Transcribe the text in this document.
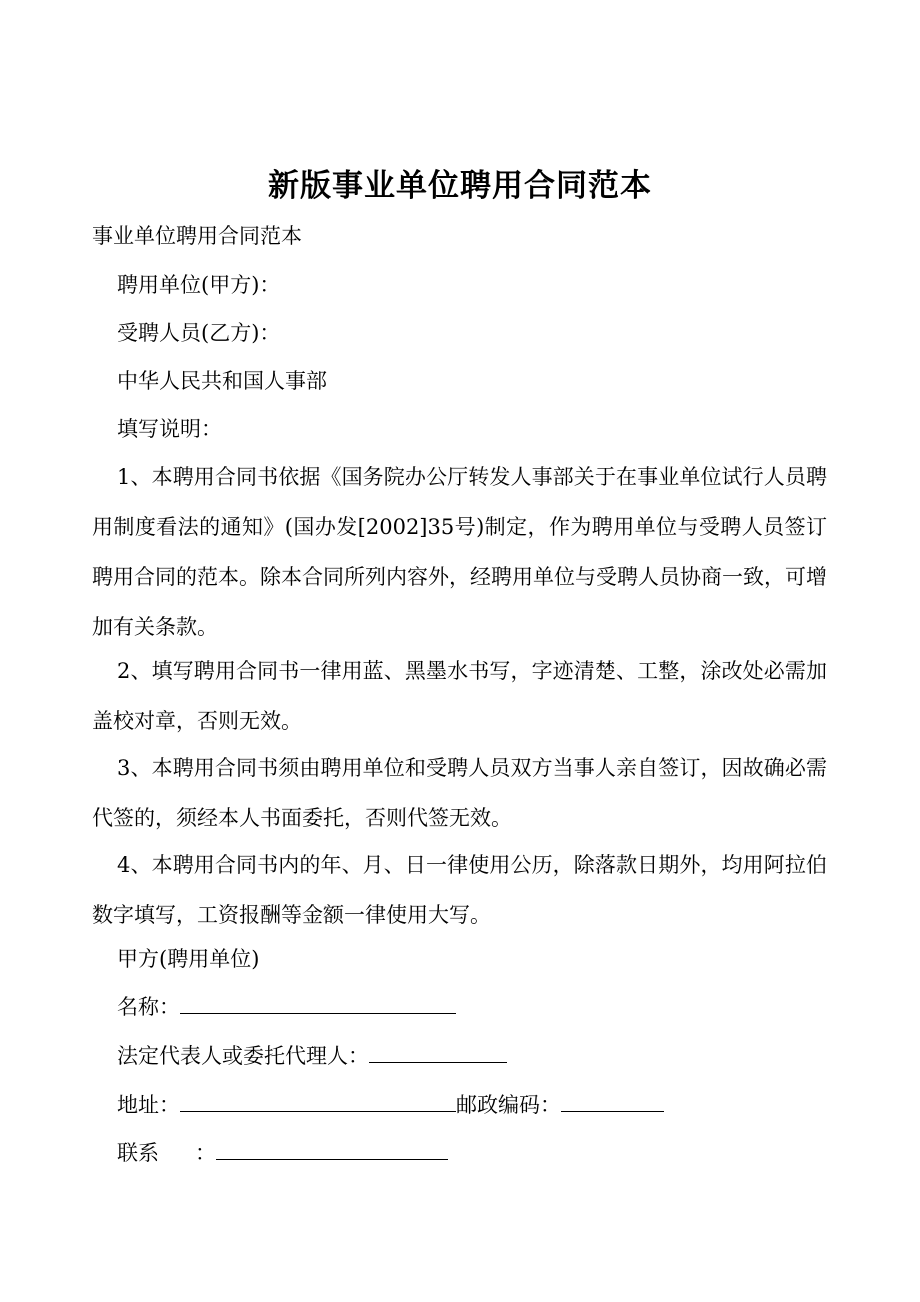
新版事业单位聘用合同范本

事业单位聘用合同范本

聘用单位(甲方)：

受聘人员(乙方)：

中华人民共和国人事部

填写说明：

1、本聘用合同书依据《国务院办公厅转发人事部关于在事业单位试行人员聘用制度看法的通知》(国办发[2002]35号)制定，作为聘用单位与受聘人员签订聘用合同的范本。除本合同所列内容外，经聘用单位与受聘人员协商一致，可增加有关条款。

2、填写聘用合同书一律用蓝、黑墨水书写，字迹清楚、工整，涂改处必需加盖校对章，否则无效。

3、本聘用合同书须由聘用单位和受聘人员双方当事人亲自签订，因故确必需代签的，须经本人书面委托，否则代签无效。

4、本聘用合同书内的年、月、日一律使用公历，除落款日期外，均用阿拉伯数字填写，工资报酬等金额一律使用大写。

甲方(聘用单位)

名称：

法定代表人或委托代理人：

地址：	邮政编码：

联系 ：
